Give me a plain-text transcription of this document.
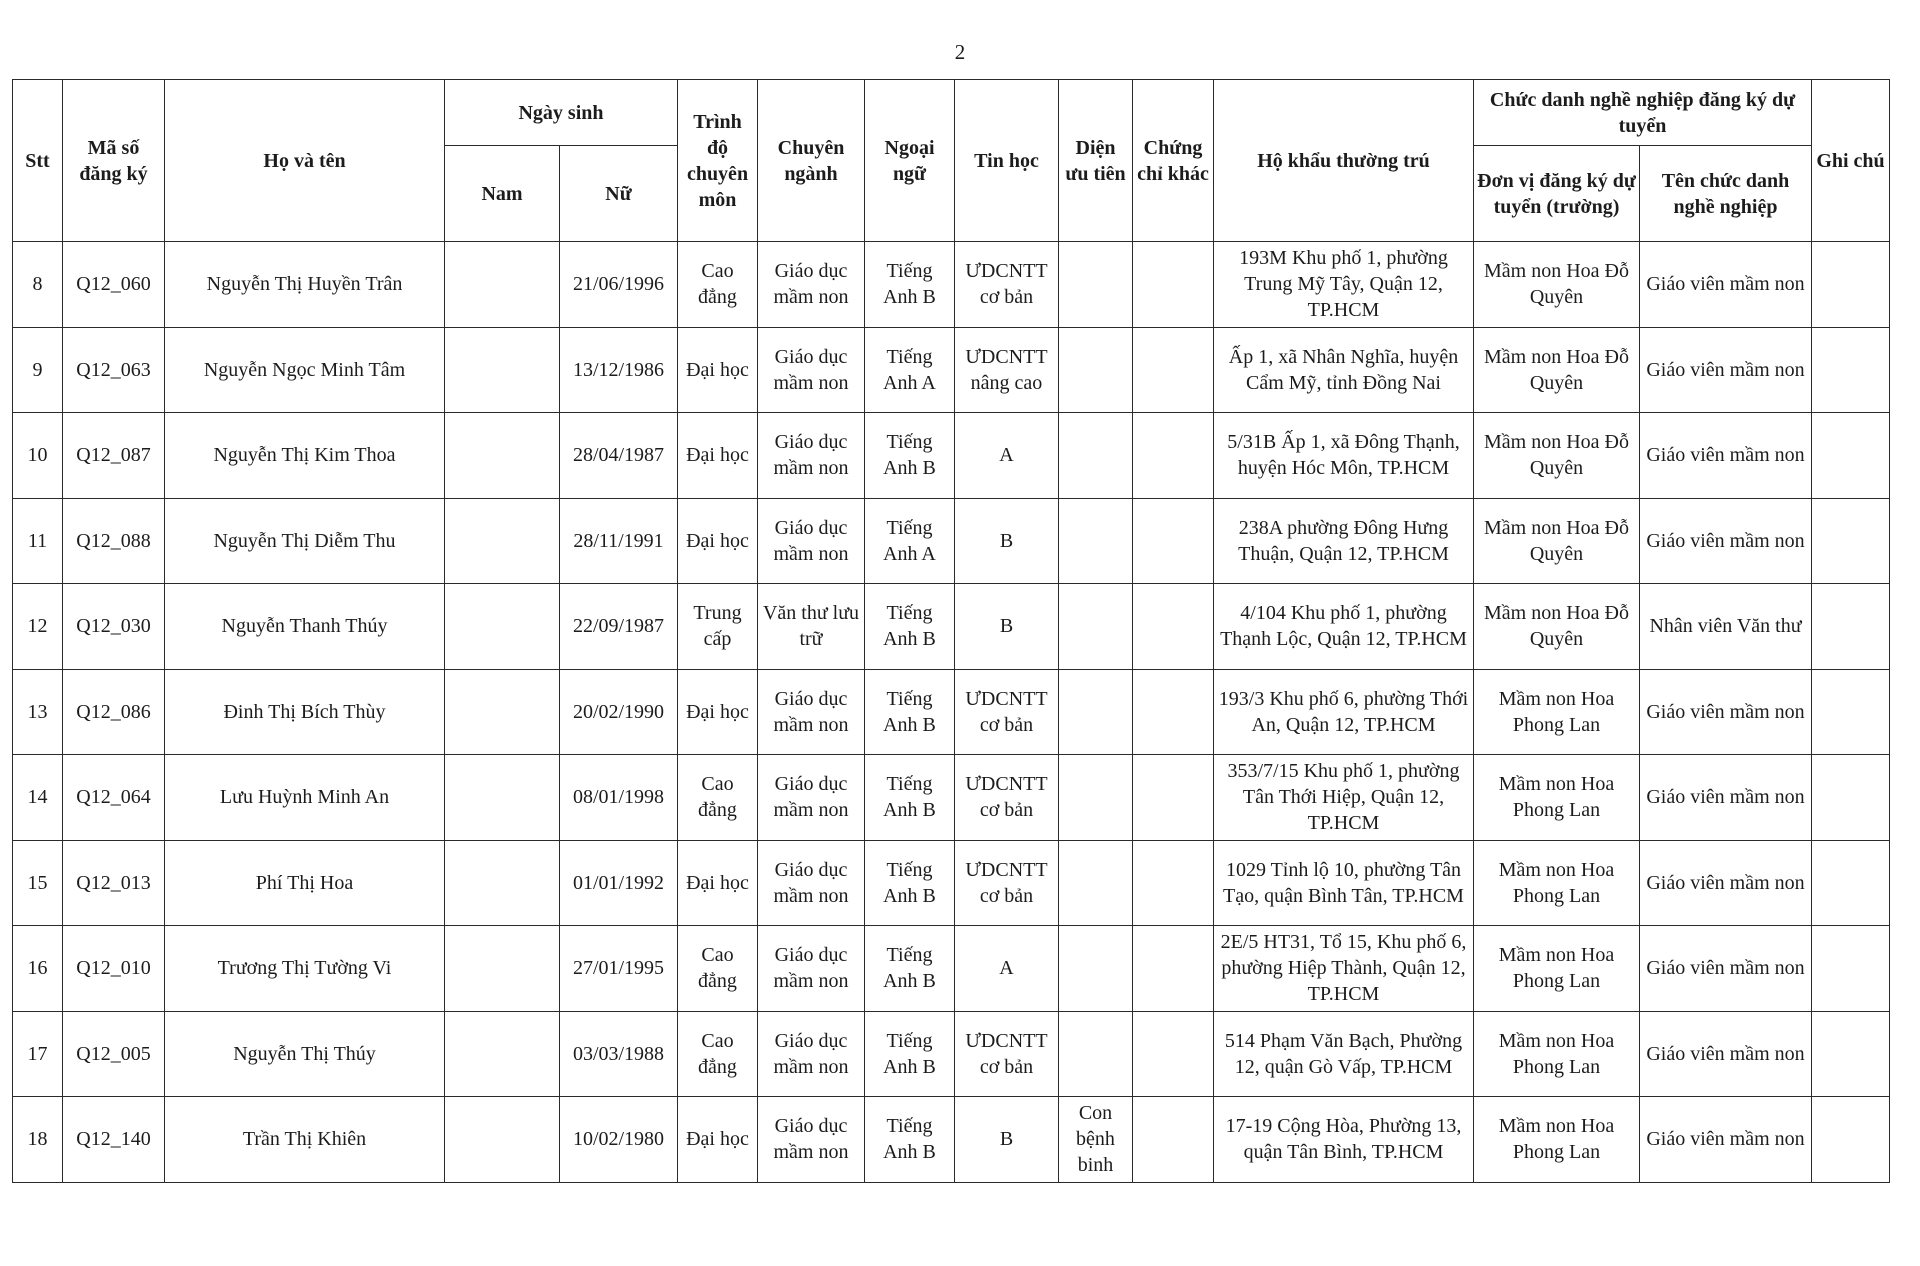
2
Stt	Mã số đăng ký	Họ và tên	Ngày sinh		Trình độ chuyên môn	Chuyên ngành	Ngoại ngữ	Tin học	Diện ưu tiên	Chứng chỉ khác	Hộ khẩu thường trú	Chức danh nghề nghiệp đăng ký dự tuyển		Ghi chú
			Nam	Nữ								Đơn vị đăng ký dự tuyển (trường)	Tên chức danh nghề nghiệp	
8	Q12_060	Nguyễn Thị Huyền Trân		21/06/1996	Cao đẳng	Giáo dục mầm non	Tiếng Anh B	ƯDCNTT cơ bản			193M Khu phố 1, phường Trung Mỹ Tây, Quận 12, TP.HCM	Mầm non Hoa Đỗ Quyên	Giáo viên mầm non	
9	Q12_063	Nguyễn Ngọc Minh Tâm		13/12/1986	Đại học	Giáo dục mầm non	Tiếng Anh A	ƯDCNTT nâng cao			Ấp 1, xã Nhân Nghĩa, huyện Cẩm Mỹ, tỉnh Đồng Nai	Mầm non Hoa Đỗ Quyên	Giáo viên mầm non	
10	Q12_087	Nguyễn Thị Kim Thoa		28/04/1987	Đại học	Giáo dục mầm non	Tiếng Anh B	A			5/31B Ấp 1, xã Đông Thạnh, huyện Hóc Môn, TP.HCM	Mầm non Hoa Đỗ Quyên	Giáo viên mầm non	
11	Q12_088	Nguyễn Thị Diễm Thu		28/11/1991	Đại học	Giáo dục mầm non	Tiếng Anh A	B			238A phường Đông Hưng Thuận, Quận 12, TP.HCM	Mầm non Hoa Đỗ Quyên	Giáo viên mầm non	
12	Q12_030	Nguyễn Thanh Thúy		22/09/1987	Trung cấp	Văn thư lưu trữ	Tiếng Anh B	B			4/104 Khu phố 1, phường Thạnh Lộc, Quận 12, TP.HCM	Mầm non Hoa Đỗ Quyên	Nhân viên Văn thư	
13	Q12_086	Đinh Thị Bích Thùy		20/02/1990	Đại học	Giáo dục mầm non	Tiếng Anh B	ƯDCNTT cơ bản			193/3 Khu phố 6, phường Thới An, Quận 12, TP.HCM	Mầm non Hoa Phong Lan	Giáo viên mầm non	
14	Q12_064	Lưu Huỳnh Minh An		08/01/1998	Cao đẳng	Giáo dục mầm non	Tiếng Anh B	ƯDCNTT cơ bản			353/7/15 Khu phố 1, phường Tân Thới Hiệp, Quận 12, TP.HCM	Mầm non Hoa Phong Lan	Giáo viên mầm non	
15	Q12_013	Phí Thị Hoa		01/01/1992	Đại học	Giáo dục mầm non	Tiếng Anh B	ƯDCNTT cơ bản			1029 Tỉnh lộ 10, phường Tân Tạo, quận Bình Tân, TP.HCM	Mầm non Hoa Phong Lan	Giáo viên mầm non	
16	Q12_010	Trương Thị Tường Vi		27/01/1995	Cao đẳng	Giáo dục mầm non	Tiếng Anh B	A			2E/5 HT31, Tổ 15, Khu phố 6, phường Hiệp Thành, Quận 12, TP.HCM	Mầm non Hoa Phong Lan	Giáo viên mầm non	
17	Q12_005	Nguyễn Thị Thúy		03/03/1988	Cao đẳng	Giáo dục mầm non	Tiếng Anh B	ƯDCNTT cơ bản			514 Phạm Văn Bạch, Phường 12, quận Gò Vấp, TP.HCM	Mầm non Hoa Phong Lan	Giáo viên mầm non	
18	Q12_140	Trần Thị Khiên		10/02/1980	Đại học	Giáo dục mầm non	Tiếng Anh B	B	Con bệnh binh		17-19 Cộng Hòa, Phường 13, quận Tân Bình, TP.HCM	Mầm non Hoa Phong Lan	Giáo viên mầm non	
